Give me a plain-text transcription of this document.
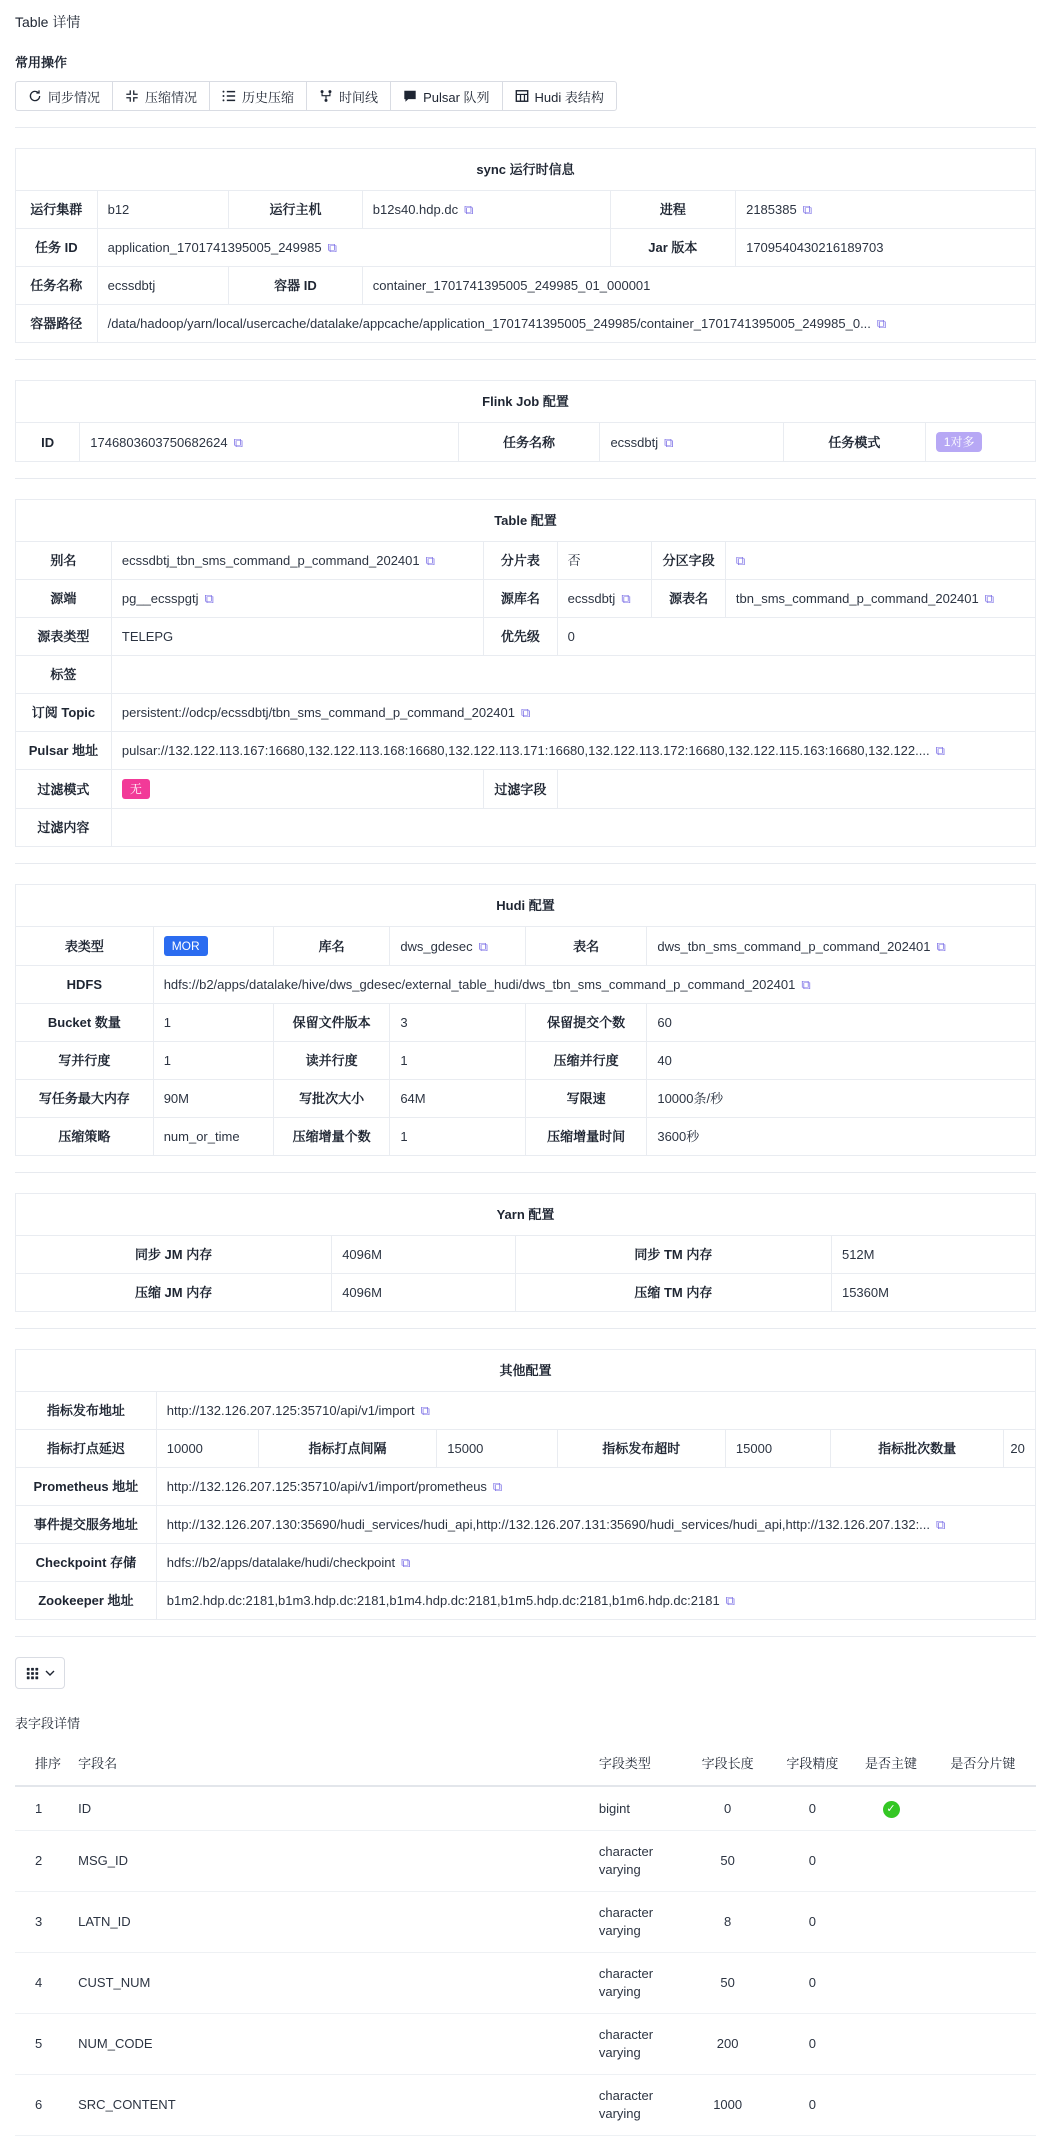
Table 详情
常用操作
同步情况	压缩情况	历史压缩	时间线	Pulsar 队列	Hudi 表结构
sync 运行时信息					
运行集群	b12	运行主机	b12s40.hdp.dc ⧉	进程	2185385 ⧉
任务 ID	application_1701741395005_249985 ⧉			Jar 版本	1709540430216189703
任务名称	ecssdbtj	容器 ID	container_1701741395005_249985_01_000001		
容器路径	/data/hadoop/yarn/local/usercache/datalake/appcache/application_1701741395005_249985/container_1701741395005_249985_0... ⧉				
Flink Job 配置
ID	1746803603750682624 ⧉	任务名称	ecssdbtj ⧉	任务模式	1对多
Table 配置					
别名	ecssdbtj_tbn_sms_command_p_command_202401 ⧉	分片表	否	分区字段	⧉
源端	pg__ecsspgtj ⧉	源库名	ecssdbtj ⧉	源表名	tbn_sms_command_p_command_202401 ⧉
源表类型	TELEPG	优先级	0		
标签					
订阅 Topic	persistent://odcp/ecssdbtj/tbn_sms_command_p_command_202401 ⧉				
Pulsar 地址	pulsar://132.122.113.167:16680,132.122.113.168:16680,132.122.113.171:16680,132.122.113.172:16680,132.122.115.163:16680,132.122.... ⧉				
过滤模式	无	过滤字段			
过滤内容					
Hudi 配置					
表类型	MOR	库名	dws_gdesec ⧉	表名	dws_tbn_sms_command_p_command_202401 ⧉
HDFS	hdfs://b2/apps/datalake/hive/dws_gdesec/external_table_hudi/dws_tbn_sms_command_p_command_202401 ⧉				
Bucket 数量	1	保留文件版本	3	保留提交个数	60
写并行度	1	读并行度	1	压缩并行度	40
写任务最大内存	90M	写批次大小	64M	写限速	10000条/秒
压缩策略	num_or_time	压缩增量个数	1	压缩增量时间	3600秒
Yarn 配置			
同步 JM 内存	4096M	同步 TM 内存	512M
压缩 JM 内存	4096M	压缩 TM 内存	15360M
其他配置							
指标发布地址	http://132.126.207.125:35710/api/v1/import ⧉						
指标打点延迟	10000	指标打点间隔	15000	指标发布超时	15000	指标批次数量	20
Prometheus 地址	http://132.126.207.125:35710/api/v1/import/prometheus ⧉						
事件提交服务地址	http://132.126.207.130:35690/hudi_services/hudi_api,http://132.126.207.131:35690/hudi_services/hudi_api,http://132.126.207.132:... ⧉						
Checkpoint 存储	hdfs://b2/apps/datalake/hudi/checkpoint ⧉						
Zookeeper 地址	b1m2.hdp.dc:2181,b1m3.hdp.dc:2181,b1m4.hdp.dc:2181,b1m5.hdp.dc:2181,b1m6.hdp.dc:2181 ⧉						
表字段详情
排序	字段名	字段类型	字段长度	字段精度	是否主键	是否分片键
1	ID	bigint	0	0	✓	
2	MSG_ID	character varying	50	0		
3	LATN_ID	character varying	8	0		
4	CUST_NUM	character varying	50	0		
5	NUM_CODE	character varying	200	0		
6	SRC_CONTENT	character varying	1000	0		
